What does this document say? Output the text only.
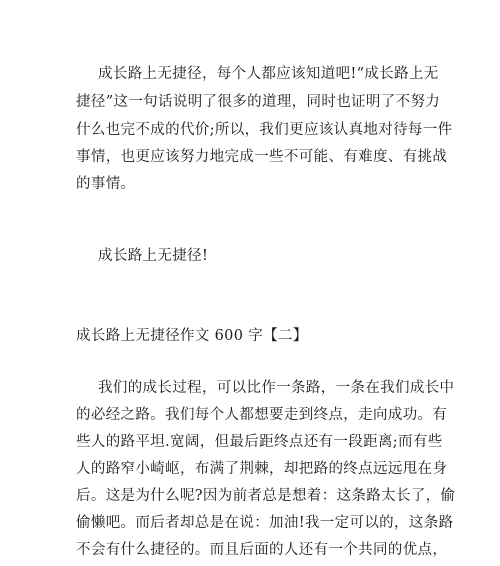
成长路上无捷径，每个人都应该知道吧!“成长路上无
捷径”这一句话说明了很多的道理，同时也证明了不努力
什么也完不成的代价;所以，我们更应该认真地对待每一件
事情，也更应该努力地完成一些不可能、有难度、有挑战
的事情。
成长路上无捷径!
成长路上无捷径作文 600 字【二】
我们的成长过程，可以比作一条路，一条在我们成长中
的必经之路。我们每个人都想要走到终点，走向成功。有
些人的路平坦.宽阔，但最后距终点还有一段距离;而有些
人的路窄小崎岖，布满了荆棘，却把路的终点远远甩在身
后。这是为什么呢?因为前者总是想着：这条路太长了，偷
偷懒吧。而后者却总是在说：加油!我一定可以的，这条路
不会有什么捷径的。而且后面的人还有一个共同的优点，
